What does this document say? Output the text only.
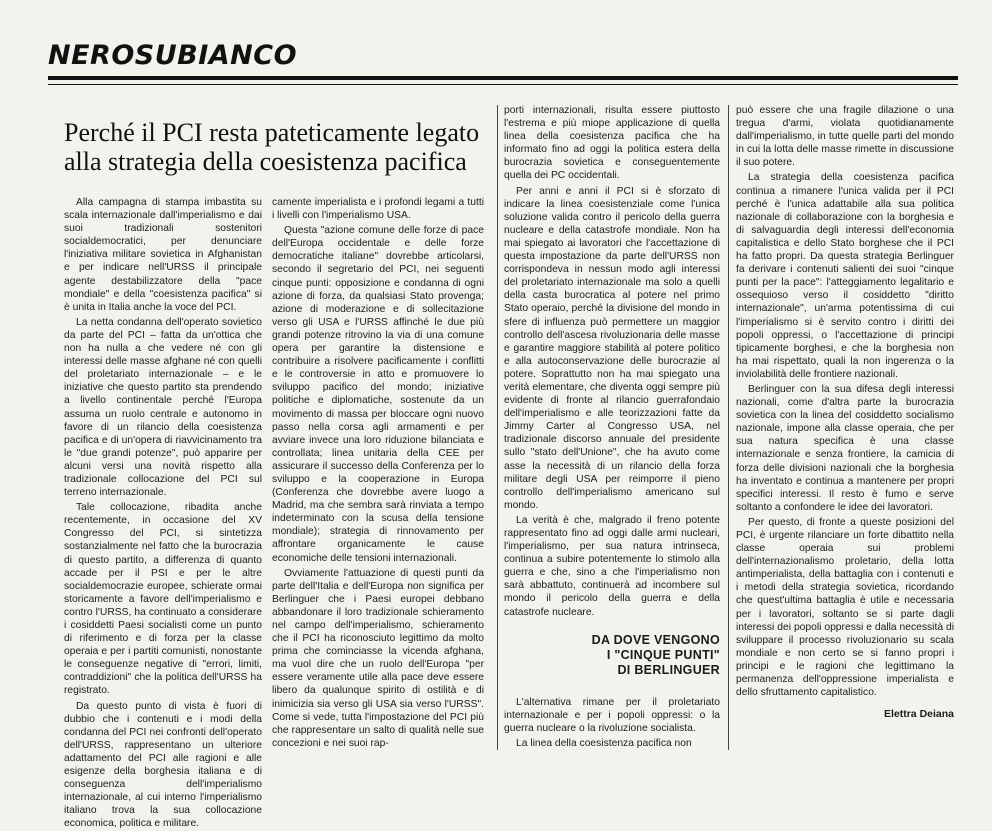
NEROSUBIANCO
Perché il PCI resta pateticamente legato alla strategia della coesistenza pacifica

Alla campagna di stampa imbastita su scala internazionale dall'imperialismo e dai suoi tradizionali sostenitori socialdemocratici, per denunciare l'iniziativa militare sovietica in Afghanistan e per indicare nell'URSS il principale agente destabilizzatore della "pace mondiale" e della "coesistenza pacifica" si è unita in Italia anche la voce del PCI.

La netta condanna dell'operato sovietico da parte del PCI – fatta da un'ottica che non ha nulla a che vedere né con gli interessi delle masse afghane né con quelli del proletariato internazionale – e le iniziative che questo partito sta prendendo a livello continentale perché l'Europa assuma un ruolo centrale e autonomo in favore di un rilancio della coesistenza pacifica e di un'opera di riavvicinamento tra le "due grandi potenze", può apparire per alcuni versi una novità rispetto alla tradizionale collocazione del PCI sul terreno internazionale.

Tale collocazione, ribadita anche recentemente, in occasione del XV Congresso del PCI, si sintetizza sostanzialmente nel fatto che la burocrazia di questo partito, a differenza di quanto accade per il PSI e per le altre socialdemocrazie europee, schierate ormai storicamente a favore dell'imperialismo e contro l'URSS, ha continuato a considerare i cosiddetti Paesi socialisti come un punto di riferimento e di forza per la classe operaia e per i partiti comunisti, nonostante le conseguenze negative di "errori, limiti, contraddizioni" che la politica dell'URSS ha registrato.

Da questo punto di vista è fuori di dubbio che i contenuti e i modi della condanna del PCI nei confronti dell'operato dell'URSS, rappresentano un ulteriore adattamento del PCI alle ragioni e alle esigenze della borghesia italiana e di conseguenza dell'imperialismo internazionale, al cui interno l'imperialismo italiano trova la sua collocazione economica, politica e militare.

camente imperialista e i profondi legami a tutti i livelli con l'imperialismo USA.

Questa "azione comune delle forze di pace dell'Europa occidentale e delle forze democratiche italiane" dovrebbe articolarsi, secondo il segretario del PCI, nei seguenti cinque punti: opposizione e condanna di ogni azione di forza, da qualsiasi Stato provenga; azione di moderazione e di sollecitazione verso gli USA e l'URSS affinché le due più grandi potenze ritrovino la via di una comune opera per garantire la distensione e contribuire a risolvere pacificamente i conflitti e le controversie in atto e promuovere lo sviluppo pacifico del mondo; iniziative politiche e diplomatiche, sostenute da un movimento di massa per bloccare ogni nuovo passo nella corsa agli armamenti e per avviare invece una loro riduzione bilanciata e controllata; linea unitaria della CEE per assicurare il successo della Conferenza per lo sviluppo e la cooperazione in Europa (Conferenza che dovrebbe avere luogo a Madrid, ma che sembra sarà rinviata a tempo indeterminato con la scusa della tensione mondiale); strategia di rinnovamento per affrontare organicamente le cause economiche delle tensioni internazionali.

Ovviamente l'attuazione di questi punti da parte dell'Italia e dell'Europa non significa per Berlinguer che i Paesi europei debbano abbandonare il loro tradizionale schieramento nel campo dell'imperialismo, schieramento che il PCI ha riconosciuto legittimo da molto prima che cominciasse la vicenda afghana, ma vuol dire che un ruolo dell'Europa "per essere veramente utile alla pace deve essere libero da qualunque spirito di ostilità e di inimicizia sia verso gli USA sia verso l'URSS". Come si vede, tutta l'impostazione del PCI più che rappresentare un salto di qualità nelle sue concezioni e nei suoi rap-

porti internazionali, risulta essere piuttosto l'estrema e più miope applicazione di quella linea della coesistenza pacifica che ha informato fino ad oggi la politica estera della burocrazia sovietica e conseguentemente quella dei PC occidentali.

Per anni e anni il PCI si è sforzato di indicare la linea coesistenziale come l'unica soluzione valida contro il pericolo della guerra nucleare e della catastrofe mondiale. Non ha mai spiegato ai lavoratori che l'accettazione di questa impostazione da parte dell'URSS non corrispondeva in nessun modo agli interessi del proletariato internazionale ma solo a quelli della casta burocratica al potere nel primo Stato operaio, perché la divisione del mondo in sfere di influenza può permettere un maggior controllo dell'ascesa rivoluzionaria delle masse e garantire maggiore stabilità al potere politico e alla autoconservazione delle burocrazie al potere. Soprattutto non ha mai spiegato una verità elementare, che diventa oggi sempre più evidente di fronte al rilancio guerrafondaio dell'imperialismo e alle teorizzazioni fatte da Jimmy Carter al Congresso USA, nel tradizionale discorso annuale del presidente sullo "stato dell'Unione", che ha avuto come asse la necessità di un rilancio della forza militare degli USA per reimporre il pieno controllo dell'imperialismo americano sul mondo.

La verità è che, malgrado il freno potente rappresentato fino ad oggi dalle armi nucleari, l'imperialismo, per sua natura intrinseca, continua a subire potentemente lo stimolo alla guerra e che, sino a che l'imperialismo non sarà abbattuto, continuerà ad incombere sul mondo il pericolo della guerra e della catastrofe nucleare.

DA DOVE VENGONO
I "CINQUE PUNTI"
DI BERLINGUER

L'alternativa rimane per il proletariato internazionale e per i popoli oppressi: o la guerra nucleare o la rivoluzione socialista.

La linea della coesistenza pacifica non

può essere che una fragile dilazione o una tregua d'armi, violata quotidianamente dall'imperialismo, in tutte quelle parti del mondo in cui la lotta delle masse rimette in discussione il suo potere.

La strategia della coesistenza pacifica continua a rimanere l'unica valida per il PCI perché è l'unica adattabile alla sua politica nazionale di collaborazione con la borghesia e di salvaguardia degli interessi dell'economia capitalistica e dello Stato borghese che il PCI ha fatto propri. Da questa strategia Berlinguer fa derivare i contenuti salienti dei suoi "cinque punti per la pace": l'atteggiamento legalitario e ossequioso verso il cosiddetto "diritto internazionale", un'arma potentissima di cui l'imperialismo si è servito contro i diritti dei popoli oppressi, o l'accettazione di principi tipicamente borghesi, e che la borghesia non ha mai rispettato, quali la non ingerenza o la inviolabilità delle frontiere nazionali.

Berlinguer con la sua difesa degli interessi nazionali, come d'altra parte la burocrazia sovietica con la linea del cosiddetto socialismo nazionale, impone alla classe operaia, che per sua natura specifica è una classe internazionale e senza frontiere, la camicia di forza delle divisioni nazionali che la borghesia ha inventato e continua a mantenere per propri specifici interessi. Il resto è fumo e serve soltanto a confondere le idee dei lavoratori.

Per questo, di fronte a queste posizioni del PCI, è urgente rilanciare un forte dibattito nella classe operaia sui problemi dell'internazionalismo proletario, della lotta antimperialista, della battaglia con i contenuti e i metodi della strategia sovietica, ricordando che quest'ultima battaglia è utile e necessaria per i lavoratori, soltanto se si parte dagli interessi dei popoli oppressi e dalla necessità di sviluppare il processo rivoluzionario su scala mondiale e non certo se si fanno propri i principi e le ragioni che legittimano la permanenza dell'oppressione imperialista e dello sfruttamento capitalistico.

Elettra Deiana
